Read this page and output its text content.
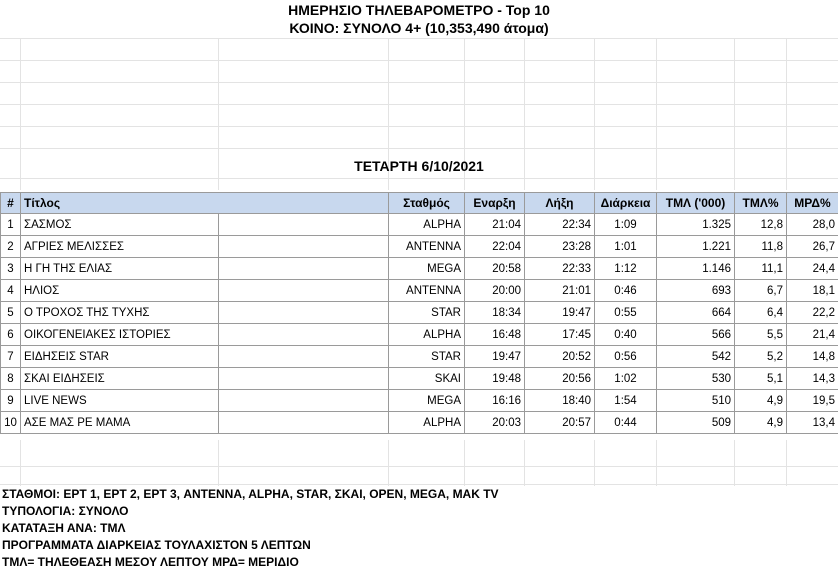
ΗΜΕΡΗΣΙΟ ΤΗΛΕΒΑΡΟΜΕΤΡΟ - Top 10
ΚΟΙΝΟ: ΣΥΝΟΛΟ 4+ (10,353,490 άτομα)
ΤΕΤΑΡΤΗ 6/10/2021
#	Τίτλος		Σταθμός	Εναρξη	Λήξη	Διάρκεια	ΤΜΛ ('000)	ΤΜΛ%	ΜΡΔ%
1	ΣΑΣΜΟΣ		ALPHA	21:04	22:34	1:09	1.325	12,8	28,0
2	ΑΓΡΙΕΣ ΜΕΛΙΣΣΕΣ		ANTENNA	22:04	23:28	1:01	1.221	11,8	26,7
3	Η ΓΗ ΤΗΣ ΕΛΙΑΣ		MEGA	20:58	22:33	1:12	1.146	11,1	24,4
4	ΗΛΙΟΣ		ANTENNA	20:00	21:01	0:46	693	6,7	18,1
5	Ο ΤΡΟΧΟΣ ΤΗΣ ΤΥΧΗΣ		STAR	18:34	19:47	0:55	664	6,4	22,2
6	ΟΙΚΟΓΕΝΕΙΑΚΕΣ ΙΣΤΟΡΙΕΣ		ALPHA	16:48	17:45	0:40	566	5,5	21,4
7	ΕΙΔΗΣΕΙΣ STAR		STAR	19:47	20:52	0:56	542	5,2	14,8
8	ΣΚΑΙ ΕΙΔΗΣΕΙΣ		SKAI	19:48	20:56	1:02	530	5,1	14,3
9	LIVE NEWS		MEGA	16:16	18:40	1:54	510	4,9	19,5
10	ΑΣΕ ΜΑΣ ΡΕ ΜΑΜΑ		ALPHA	20:03	20:57	0:44	509	4,9	13,4
ΣΤΑΘΜΟΙ: ΕΡΤ 1, ΕΡΤ 2, ΕΡΤ 3, ANTENNA, ALPHA, STAR, ΣΚΑΙ, OPEN, MEGA, MAK TV
ΤΥΠΟΛΟΓΙΑ: ΣΥΝΟΛΟ
ΚΑΤΑΤΑΞΗ ΑΝΑ: ΤΜΛ
ΠΡΟΓΡΑΜΜΑΤΑ ΔΙΑΡΚΕΙΑΣ ΤΟΥΛΑΧΙΣΤΟΝ 5 ΛΕΠΤΩΝ
ΤΜΛ= ΤΗΛΕΘΕΑΣΗ ΜΕΣΟΥ ΛΕΠΤΟΥ ΜΡΔ= ΜΕΡΙΔΙΟ
